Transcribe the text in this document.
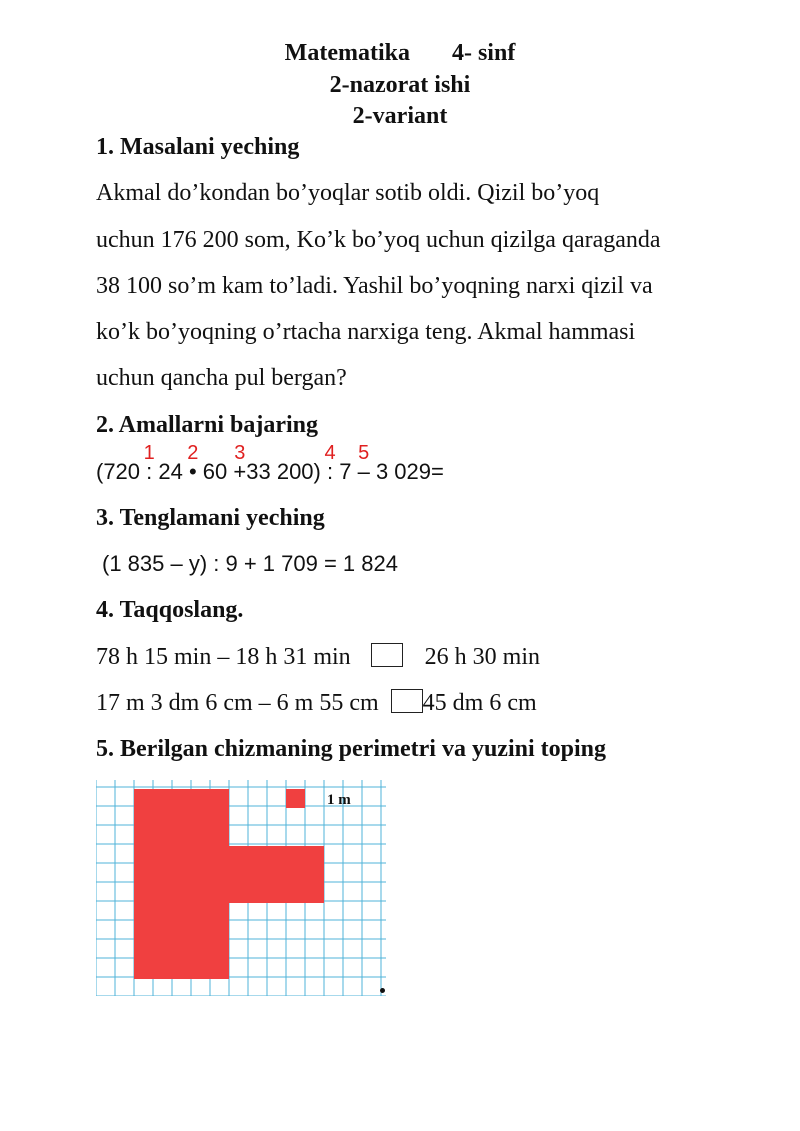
Matematika 4- sinf
2-nazorat ishi
2-variant
1. Masalani yeching
Akmal do’kondan bo’yoqlar sotib oldi. Qizil bo’yoq
uchun 176 200 som, Ko’k bo’yoq uchun qizilga qaraganda
38 100 so’m kam to’ladi. Yashil bo’yoqning narxi qizil va
ko’k bo’yoqning o’rtacha narxiga teng. Akmal hammasi
uchun qancha pul bergan?
2. Amallarni bajaring
(720 :
1
24 •
2
60 +
3
33 200) :
4
7 –
5
3 029=
3. Tenglamani yeching
(1 835 – y) : 9 + 1 709 = 1 824
4. Taqqoslang.
78 h 15 min – 18 h 31 min	26 h 30 min
17 m 3 dm 6 cm – 6 m 55 cm 45 dm 6 cm
5. Berilgan chizmaning perimetri va yuzini toping
1 m
